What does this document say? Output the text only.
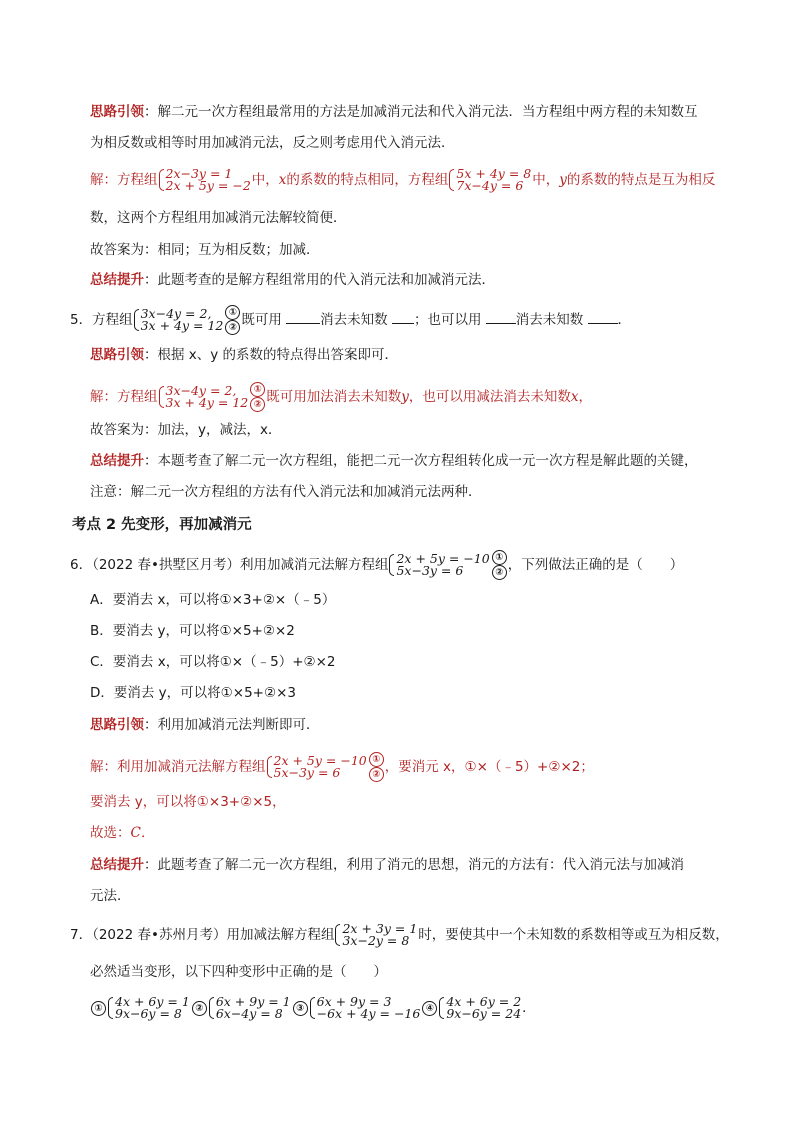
思路引领：解二元一次方程组最常用的方法是加减消元法和代入消元法．当方程组中两方程的未知数互
为相反数或相等时用加减消元法，反之则考虑用代入消元法．
解：方程组 2x−3y = 1
2x + 5y = −2 中，x的系数的特点相同，方程组 5x + 4y = 8
7x−4y = 6 中，y的系数的特点是互为相反
数，这两个方程组用加减消元法解较简便．
故答案为：相同；互为相反数；加减．
总结提升：此题考查的是解方程组常用的代入消元法和加减消元法．
5．方程组 3x−4y = 2,
3x + 4y = 12
①
② 既可用	消去未知数 ；也可以用	消去未知数	．
思路引领：根据 x、y 的系数的特点得出答案即可．
解：方程组 3x−4y = 2,
3x + 4y = 12
①
② 既可用加法消去未知数y，也可以用减法消去未知数x，
故答案为：加法，y，减法，x．
总结提升：本题考查了解二元一次方程组，能把二元一次方程组转化成一元一次方程是解此题的关键，
注意：解二元一次方程组的方法有代入消元法和加减消元法两种．
考点 2 先变形，再加减消元
6．（2022 春•拱墅区月考）利用加减消元法解方程组 2x + 5y = −10
5x−3y = 6
①
② ，下列做法正确的是（　　）
A．要消去 x，可以将①×3+②×（﹣5）
B．要消去 y，可以将①×5+②×2
C．要消去 x，可以将①×（﹣5）+②×2
D．要消去 y，可以将①×5+②×3
思路引领：利用加减消元法判断即可．
解：利用加减消元法解方程组 2x + 5y = −10
5x−3y = 6
①
② ，要消元 x，①×（﹣5）+②×2；
要消去 y，可以将①×3+②×5，
故选：C．
总结提升：此题考查了解二元一次方程组，利用了消元的思想，消元的方法有：代入消元法与加减消
元法．
7．（2022 春•苏州月考）用加减法解方程组 2x + 3y = 1
3x−2y = 8 时，要使其中一个未知数的系数相等或互为相反数，
必然适当变形，以下四种变形中正确的是（　　）
① 4x + 6y = 1
9x−6y = 8	② 6x + 9y = 1
6x−4y = 8	③ 6x + 9y = 3
−6x + 4y = −16 ④ 4x + 6y = 2
9x−6y = 24 ．
